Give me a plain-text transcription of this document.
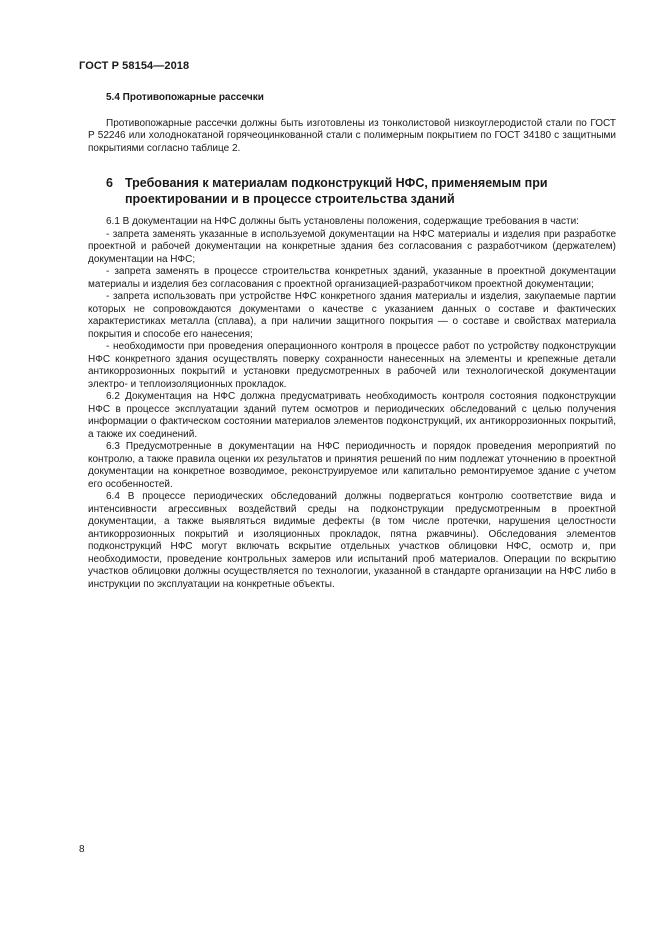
ГОСТ Р 58154—2018
5.4 Противопожарные рассечки

Противопожарные рассечки должны быть изготовлены из тонколистовой низкоуглеродистой стали по ГОСТ Р 52246 или холоднокатаной горячеоцинкованной стали с полимерным покрытием по ГОСТ 34180 с защитными покрытиями согласно таблице 2.

6 Требования к материалам подконструкций НФС, применяемым при проектировании и в процессе строительства зданий

6.1 В документации на НФС должны быть установлены положения, содержащие требования в части:

- запрета заменять указанные в используемой документации на НФС материалы и изделия при разработке проектной и рабочей документации на конкретные здания без согласования с разработчиком (держателем) документации на НФС;

- запрета заменять в процессе строительства конкретных зданий, указанные в проектной документации материалы и изделия без согласования с проектной организацией-разработчиком проектной документации;

- запрета использовать при устройстве НФС конкретного здания материалы и изделия, закупаемые партии которых не сопровождаются документами о качестве с указанием данных о составе и фактических характеристиках металла (сплава), а при наличии защитного покрытия — о составе и свойствах материала покрытия и способе его нанесения;

- необходимости при проведения операционного контроля в процессе работ по устройству подконструкции НФС конкретного здания осуществлять поверку сохранности нанесенных на элементы и крепежные детали антикоррозионных покрытий и установки предусмотренных в рабочей или технологической документации электро- и теплоизоляционных прокладок.

6.2 Документация на НФС должна предусматривать необходимость контроля состояния подконструкции НФС в процессе эксплуатации зданий путем осмотров и периодических обследований с целью получения информации о фактическом состоянии материалов элементов подконструкций, их антикоррозионных покрытий, а также их соединений.

6.3 Предусмотренные в документации на НФС периодичность и порядок проведения мероприятий по контролю, а также правила оценки их результатов и принятия решений по ним подлежат уточнению в проектной документации на конкретное возводимое, реконструируемое или капитально ремонтируемое здание с учетом его особенностей.

6.4 В процессе периодических обследований должны подвергаться контролю соответствие вида и интенсивности агрессивных воздействий среды на подконструкции предусмотренным в проектной документации, а также выявляться видимые дефекты (в том числе протечки, нарушения целостности антикоррозионных покрытий и изоляционных прокладок, пятна ржавчины). Обследования элементов подконструкций НФС могут включать вскрытие отдельных участков облицовки НФС, осмотр и, при необходимости, проведение контрольных замеров или испытаний проб материалов. Операции по вскрытию участков облицовки должны осуществляется по технологии, указанной в стандарте организации на НФС либо в инструкции по эксплуатации на конкретные объекты.

8
